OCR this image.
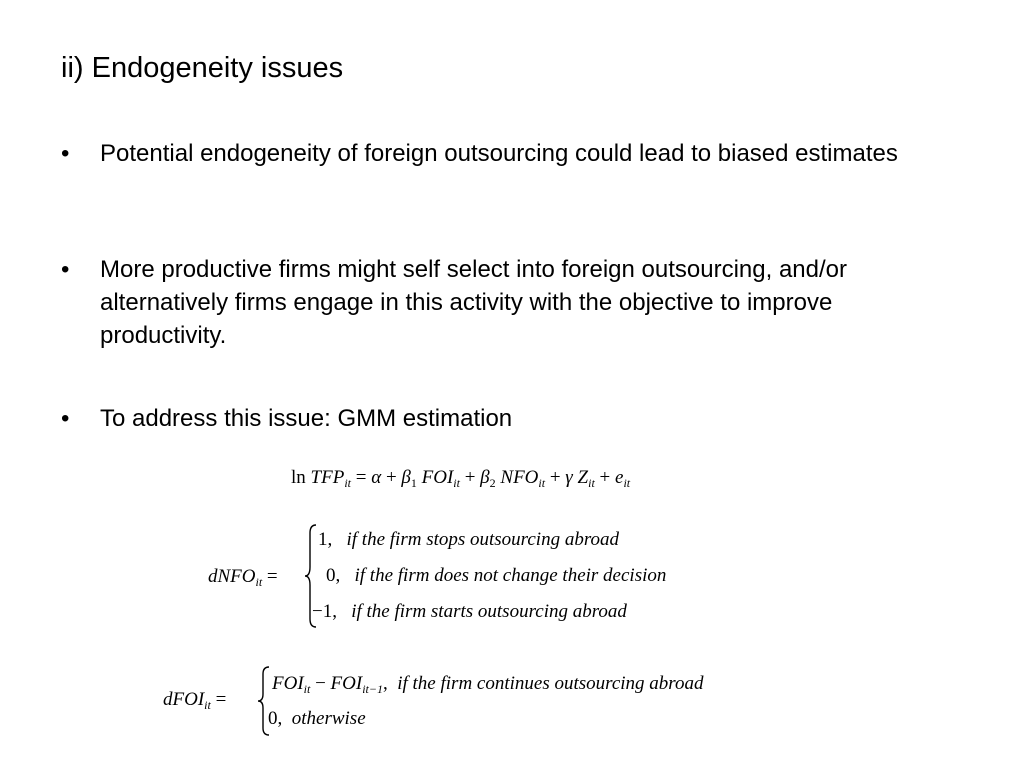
ii) Endogeneity issues
•	Potential endogeneity of foreign outsourcing could lead to biased estimates
•	More productive firms might self select into foreign outsourcing, and/or alternatively firms engage in this activity with the objective to improve productivity.
•	To address this issue: GMM estimation
$\ln TFP_{it} = \alpha + \beta_1$ $FOI_{it} + \beta_2$ $NFO_{it} + \gamma$ $Z_{it} + e_{it}$
dNFO$_{it}$ =
1, if the firm stops outsourcing abroad
0, if the firm does not change their decision
−1, if the firm starts outsourcing abroad
dFOI$_{it}$ =
$FOI_{it} - FOI_{it-1}$, if the firm continues outsourcing abroad
0, otherwise
